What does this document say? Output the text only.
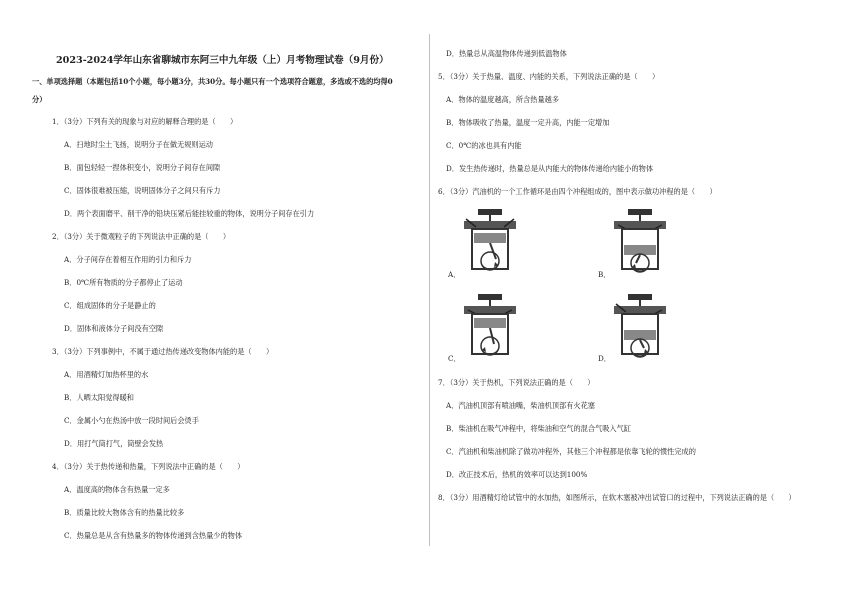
2023-2024学年山东省聊城市东阿三中九年级（上）月考物理试卷（9月份）
一、单项选择题（本题包括10个小题，每小题3分，共30分。每小题只有一个选项符合题意，多选或不选的均得0
分）
1．（3分）下列有关的现象与对应的解释合理的是（　　）
A．扫地时尘土飞扬，说明分子在做无规则运动
B．面包轻轻一捏体积变小，说明分子间存在间隙
C．固体很难被压缩，说明固体分子之间只有斥力
D．两个表面磨平、削干净的铅块压紧后能挂较重的物体，说明分子间存在引力
2．（3分）关于微观粒子的下列说法中正确的是（　　）
A．分子间存在着相互作用的引力和斥力
B．0℃所有物质的分子都停止了运动
C．组成固体的分子是静止的
D．固体和液体分子间没有空隙
3．（3分）下列事例中，不属于通过热传递改变物体内能的是（　　）
A．用酒精灯加热杯里的水
B．人晒太阳觉得暖和
C．金属小勺在热汤中放一段时间后会烫手
D．用打气筒打气，筒壁会发热
4．（3分）关于热传递和热量，下列说法中正确的是（　　）
A．温度高的物体含有热量一定多
B．质量比较大物体含有的热量比较多
C．热量总是从含有热量多的物体传递到含热量少的物体
D．热量总从高温物体传递到低温物体
5．（3分）关于热量、温度、内能的关系，下列说法正确的是（　　）
A．物体的温度越高，所含热量越多
B．物体吸收了热量，温度一定升高，内能一定增加
C．0℃的冰也具有内能
D．发生热传递时，热量总是从内能大的物体传递给内能小的物体
6．（3分）汽油机的一个工作循环是由四个冲程组成的，图中表示做功冲程的是（　　）
A．	B．
C．	D．
7．（3分）关于热机，下列说法正确的是（　　）
A．汽油机顶部有喷油嘴，柴油机顶部有火花塞
B．柴油机在吸气冲程中，将柴油和空气的混合气吸入气缸
C．汽油机和柴油机除了做功冲程外，其他三个冲程都是依靠飞轮的惯性完成的
D．改正技术后，热机的效率可以达到100%
8．（3分）用酒精灯给试管中的水加热，如图所示，在软木塞被冲出试管口的过程中，下列说法正确的是（　　）
